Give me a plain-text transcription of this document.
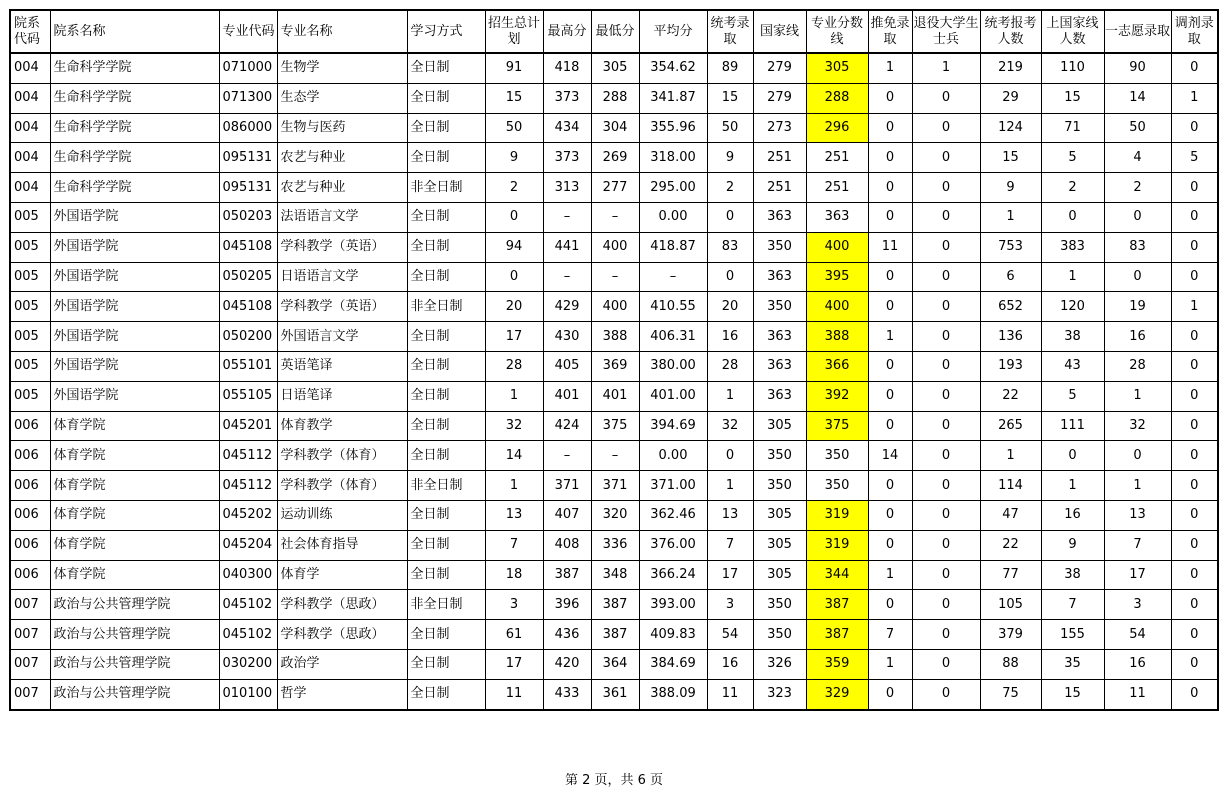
院系代码	院系名称	专业代码	专业名称	学习方式	招生总计划	最高分	最低分	平均分	统考录取	国家线	专业分数线	推免录取	退役大学生士兵	统考报考人数	上国家线人数	一志愿录取	调剂录取
004	生命科学学院	071000	生物学	全日制	91	418	305	354.62	89	279	305	1	1	219	110	90	0
004	生命科学学院	071300	生态学	全日制	15	373	288	341.87	15	279	288	0	0	29	15	14	1
004	生命科学学院	086000	生物与医药	全日制	50	434	304	355.96	50	273	296	0	0	124	71	50	0
004	生命科学学院	095131	农艺与种业	全日制	9	373	269	318.00	9	251	251	0	0	15	5	4	5
004	生命科学学院	095131	农艺与种业	非全日制	2	313	277	295.00	2	251	251	0	0	9	2	2	0
005	外国语学院	050203	法语语言文学	全日制	0	–	–	0.00	0	363	363	0	0	1	0	0	0
005	外国语学院	045108	学科教学（英语）	全日制	94	441	400	418.87	83	350	400	11	0	753	383	83	0
005	外国语学院	050205	日语语言文学	全日制	0	–	–	–	0	363	395	0	0	6	1	0	0
005	外国语学院	045108	学科教学（英语）	非全日制	20	429	400	410.55	20	350	400	0	0	652	120	19	1
005	外国语学院	050200	外国语言文学	全日制	17	430	388	406.31	16	363	388	1	0	136	38	16	0
005	外国语学院	055101	英语笔译	全日制	28	405	369	380.00	28	363	366	0	0	193	43	28	0
005	外国语学院	055105	日语笔译	全日制	1	401	401	401.00	1	363	392	0	0	22	5	1	0
006	体育学院	045201	体育教学	全日制	32	424	375	394.69	32	305	375	0	0	265	111	32	0
006	体育学院	045112	学科教学（体育）	全日制	14	–	–	0.00	0	350	350	14	0	1	0	0	0
006	体育学院	045112	学科教学（体育）	非全日制	1	371	371	371.00	1	350	350	0	0	114	1	1	0
006	体育学院	045202	运动训练	全日制	13	407	320	362.46	13	305	319	0	0	47	16	13	0
006	体育学院	045204	社会体育指导	全日制	7	408	336	376.00	7	305	319	0	0	22	9	7	0
006	体育学院	040300	体育学	全日制	18	387	348	366.24	17	305	344	1	0	77	38	17	0
007	政治与公共管理学院	045102	学科教学（思政）	非全日制	3	396	387	393.00	3	350	387	0	0	105	7	3	0
007	政治与公共管理学院	045102	学科教学（思政）	全日制	61	436	387	409.83	54	350	387	7	0	379	155	54	0
007	政治与公共管理学院	030200	政治学	全日制	17	420	364	384.69	16	326	359	1	0	88	35	16	0
007	政治与公共管理学院	010100	哲学	全日制	11	433	361	388.09	11	323	329	0	0	75	15	11	0
第 2 页，共 6 页
